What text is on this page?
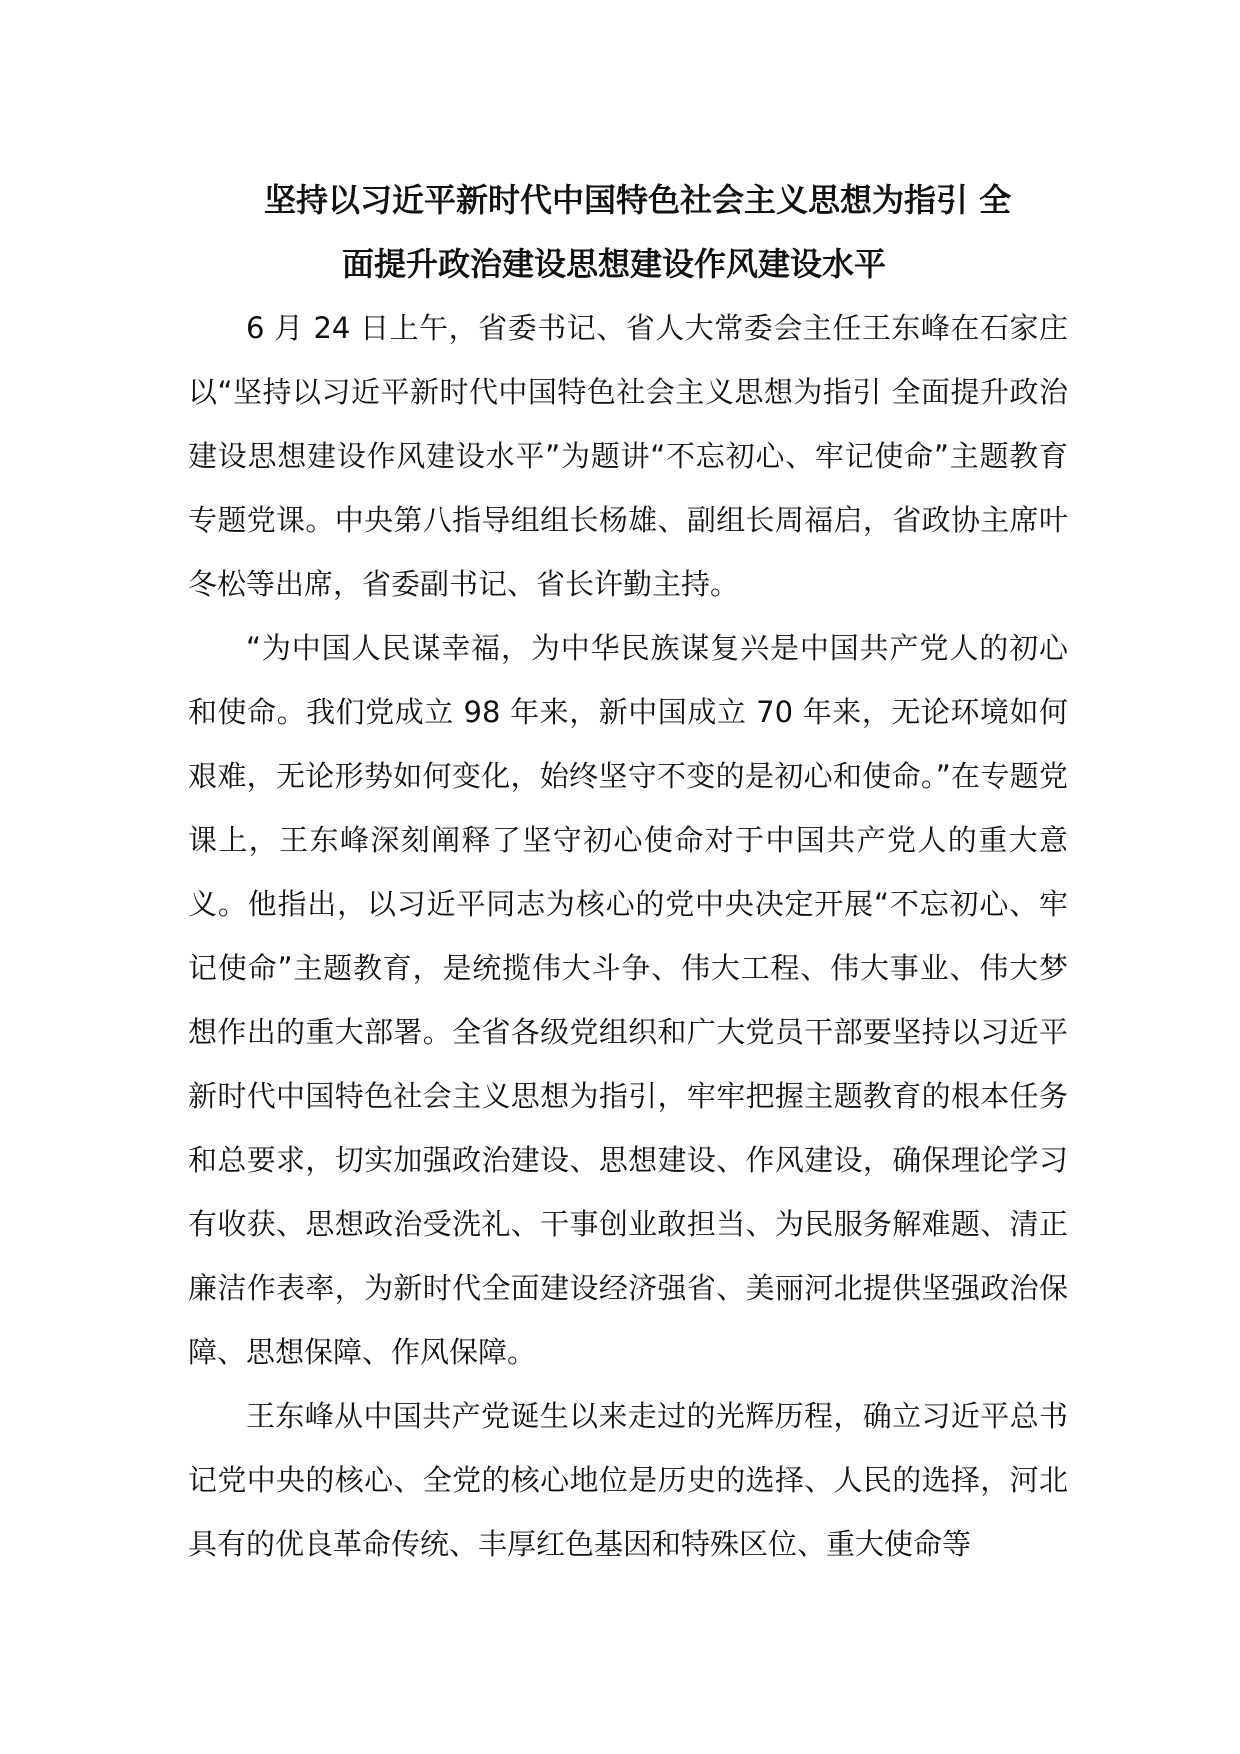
坚持以习近平新时代中国特色社会主义思想为指引 全
面提升政治建设思想建设作风建设水平

6 月 24 日上午，省委书记、省人大常委会主任王东峰在石家庄以“坚持以习近平新时代中国特色社会主义思想为指引 全面提升政治建设思想建设作风建设水平”为题讲“不忘初心、牢记使命”主题教育专题党课。中央第八指导组组长杨雄、副组长周福启，省政协主席叶冬松等出席，省委副书记、省长许勤主持。

“为中国人民谋幸福，为中华民族谋复兴是中国共产党人的初心和使命。我们党成立 98 年来，新中国成立 70 年来，无论环境如何艰难，无论形势如何变化，始终坚守不变的是初心和使命。”在专题党课上，王东峰深刻阐释了坚守初心使命对于中国共产党人的重大意义。他指出，以习近平同志为核心的党中央决定开展“不忘初心、牢记使命”主题教育，是统揽伟大斗争、伟大工程、伟大事业、伟大梦想作出的重大部署。全省各级党组织和广大党员干部要坚持以习近平新时代中国特色社会主义思想为指引，牢牢把握主题教育的根本任务和总要求，切实加强政治建设、思想建设、作风建设，确保理论学习有收获、思想政治受洗礼、干事创业敢担当、为民服务解难题、清正廉洁作表率，为新时代全面建设经济强省、美丽河北提供坚强政治保障、思想保障、作风保障。

王东峰从中国共产党诞生以来走过的光辉历程，确立习近平总书记党中央的核心、全党的核心地位是历史的选择、人民的选择，河北具有的优良革命传统、丰厚红色基因和特殊区位、重大使命等
